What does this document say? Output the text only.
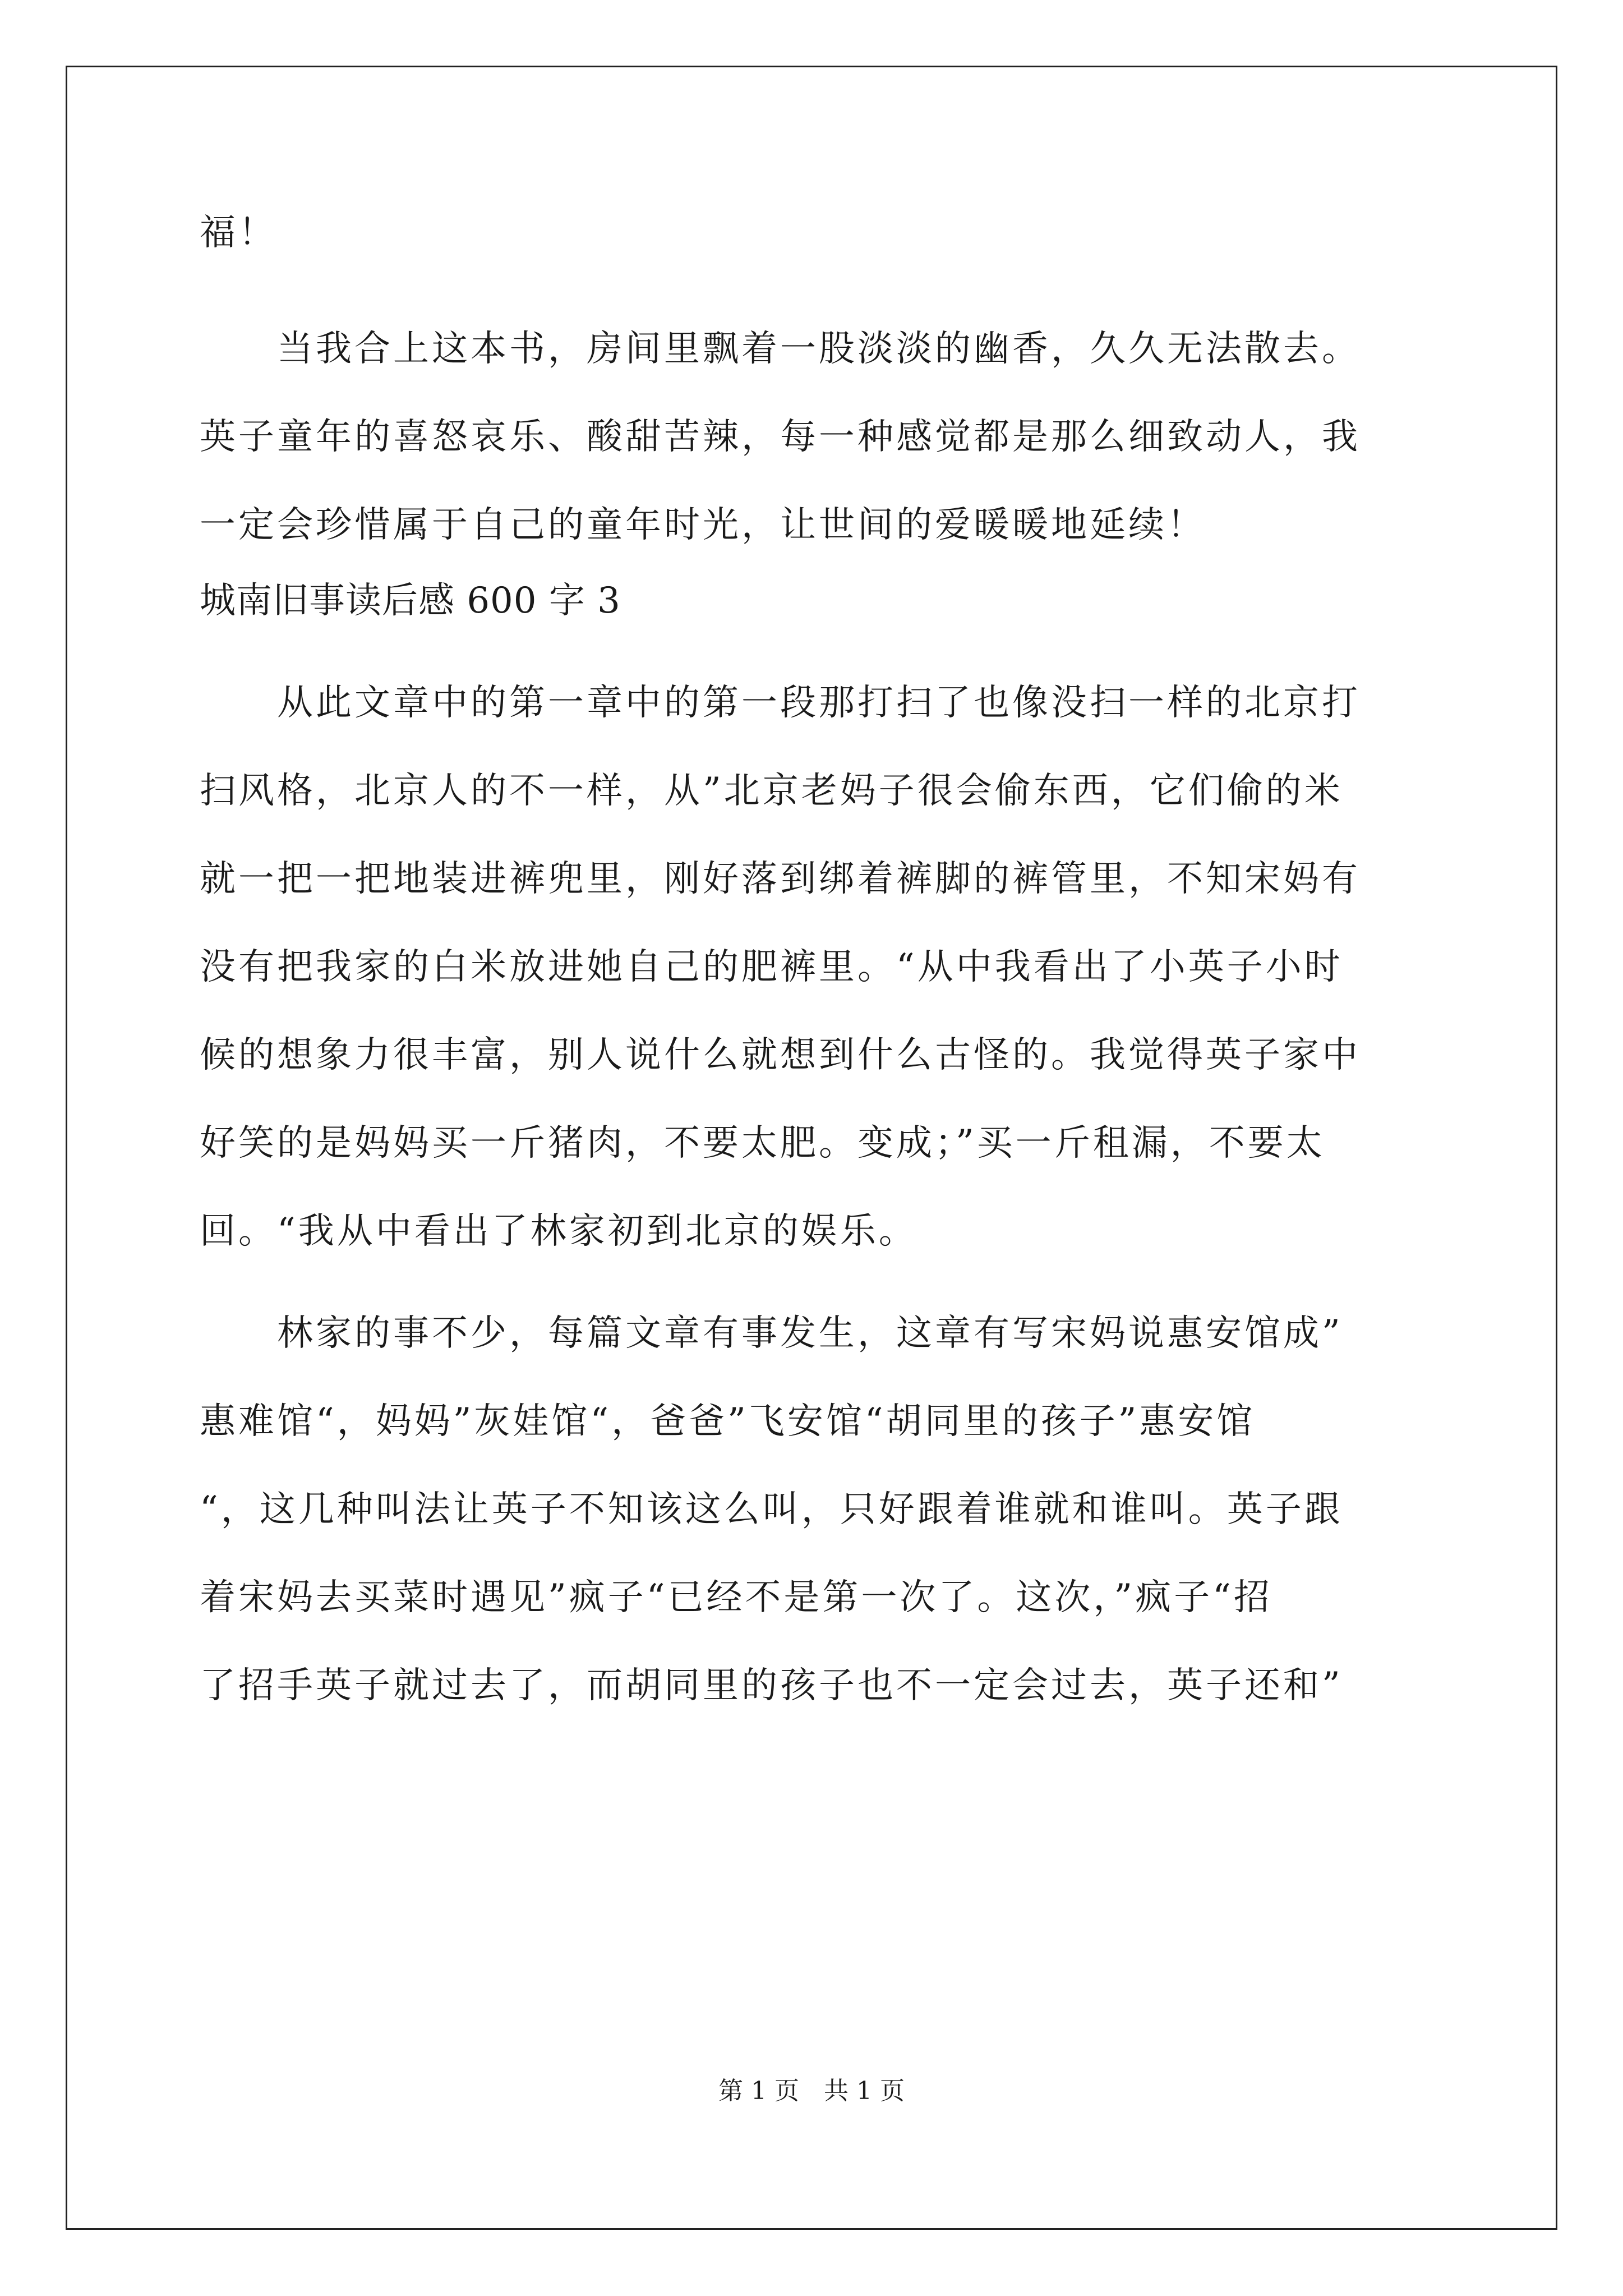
福！
　　当我合上这本书，房间里飘着一股淡淡的幽香，久久无法散去。
英子童年的喜怒哀乐、酸甜苦辣，每一种感觉都是那么细致动人，我
一定会珍惜属于自己的童年时光，让世间的爱暖暖地延续！
城南旧事读后感 600 字 3
　　从此文章中的第一章中的第一段那打扫了也像没扫一样的北京打
扫风格，北京人的不一样，从”北京老妈子很会偷东西，它们偷的米
就一把一把地装进裤兜里，刚好落到绑着裤脚的裤管里，不知宋妈有
没有把我家的白米放进她自己的肥裤里。“从中我看出了小英子小时
候的想象力很丰富，别人说什么就想到什么古怪的。我觉得英子家中
好笑的是妈妈买一斤猪肉，不要太肥。变成；”买一斤租漏，不要太
回。“我从中看出了林家初到北京的娱乐。
　　林家的事不少，每篇文章有事发生，这章有写宋妈说惠安馆成”
惠难馆“，妈妈”灰娃馆“，爸爸”飞安馆“胡同里的孩子”惠安馆
“，这几种叫法让英子不知该这么叫，只好跟着谁就和谁叫。英子跟
着宋妈去买菜时遇见”疯子“已经不是第一次了。这次，”疯子“招
了招手英子就过去了，而胡同里的孩子也不一定会过去，英子还和”
第 1 页　共 1 页
